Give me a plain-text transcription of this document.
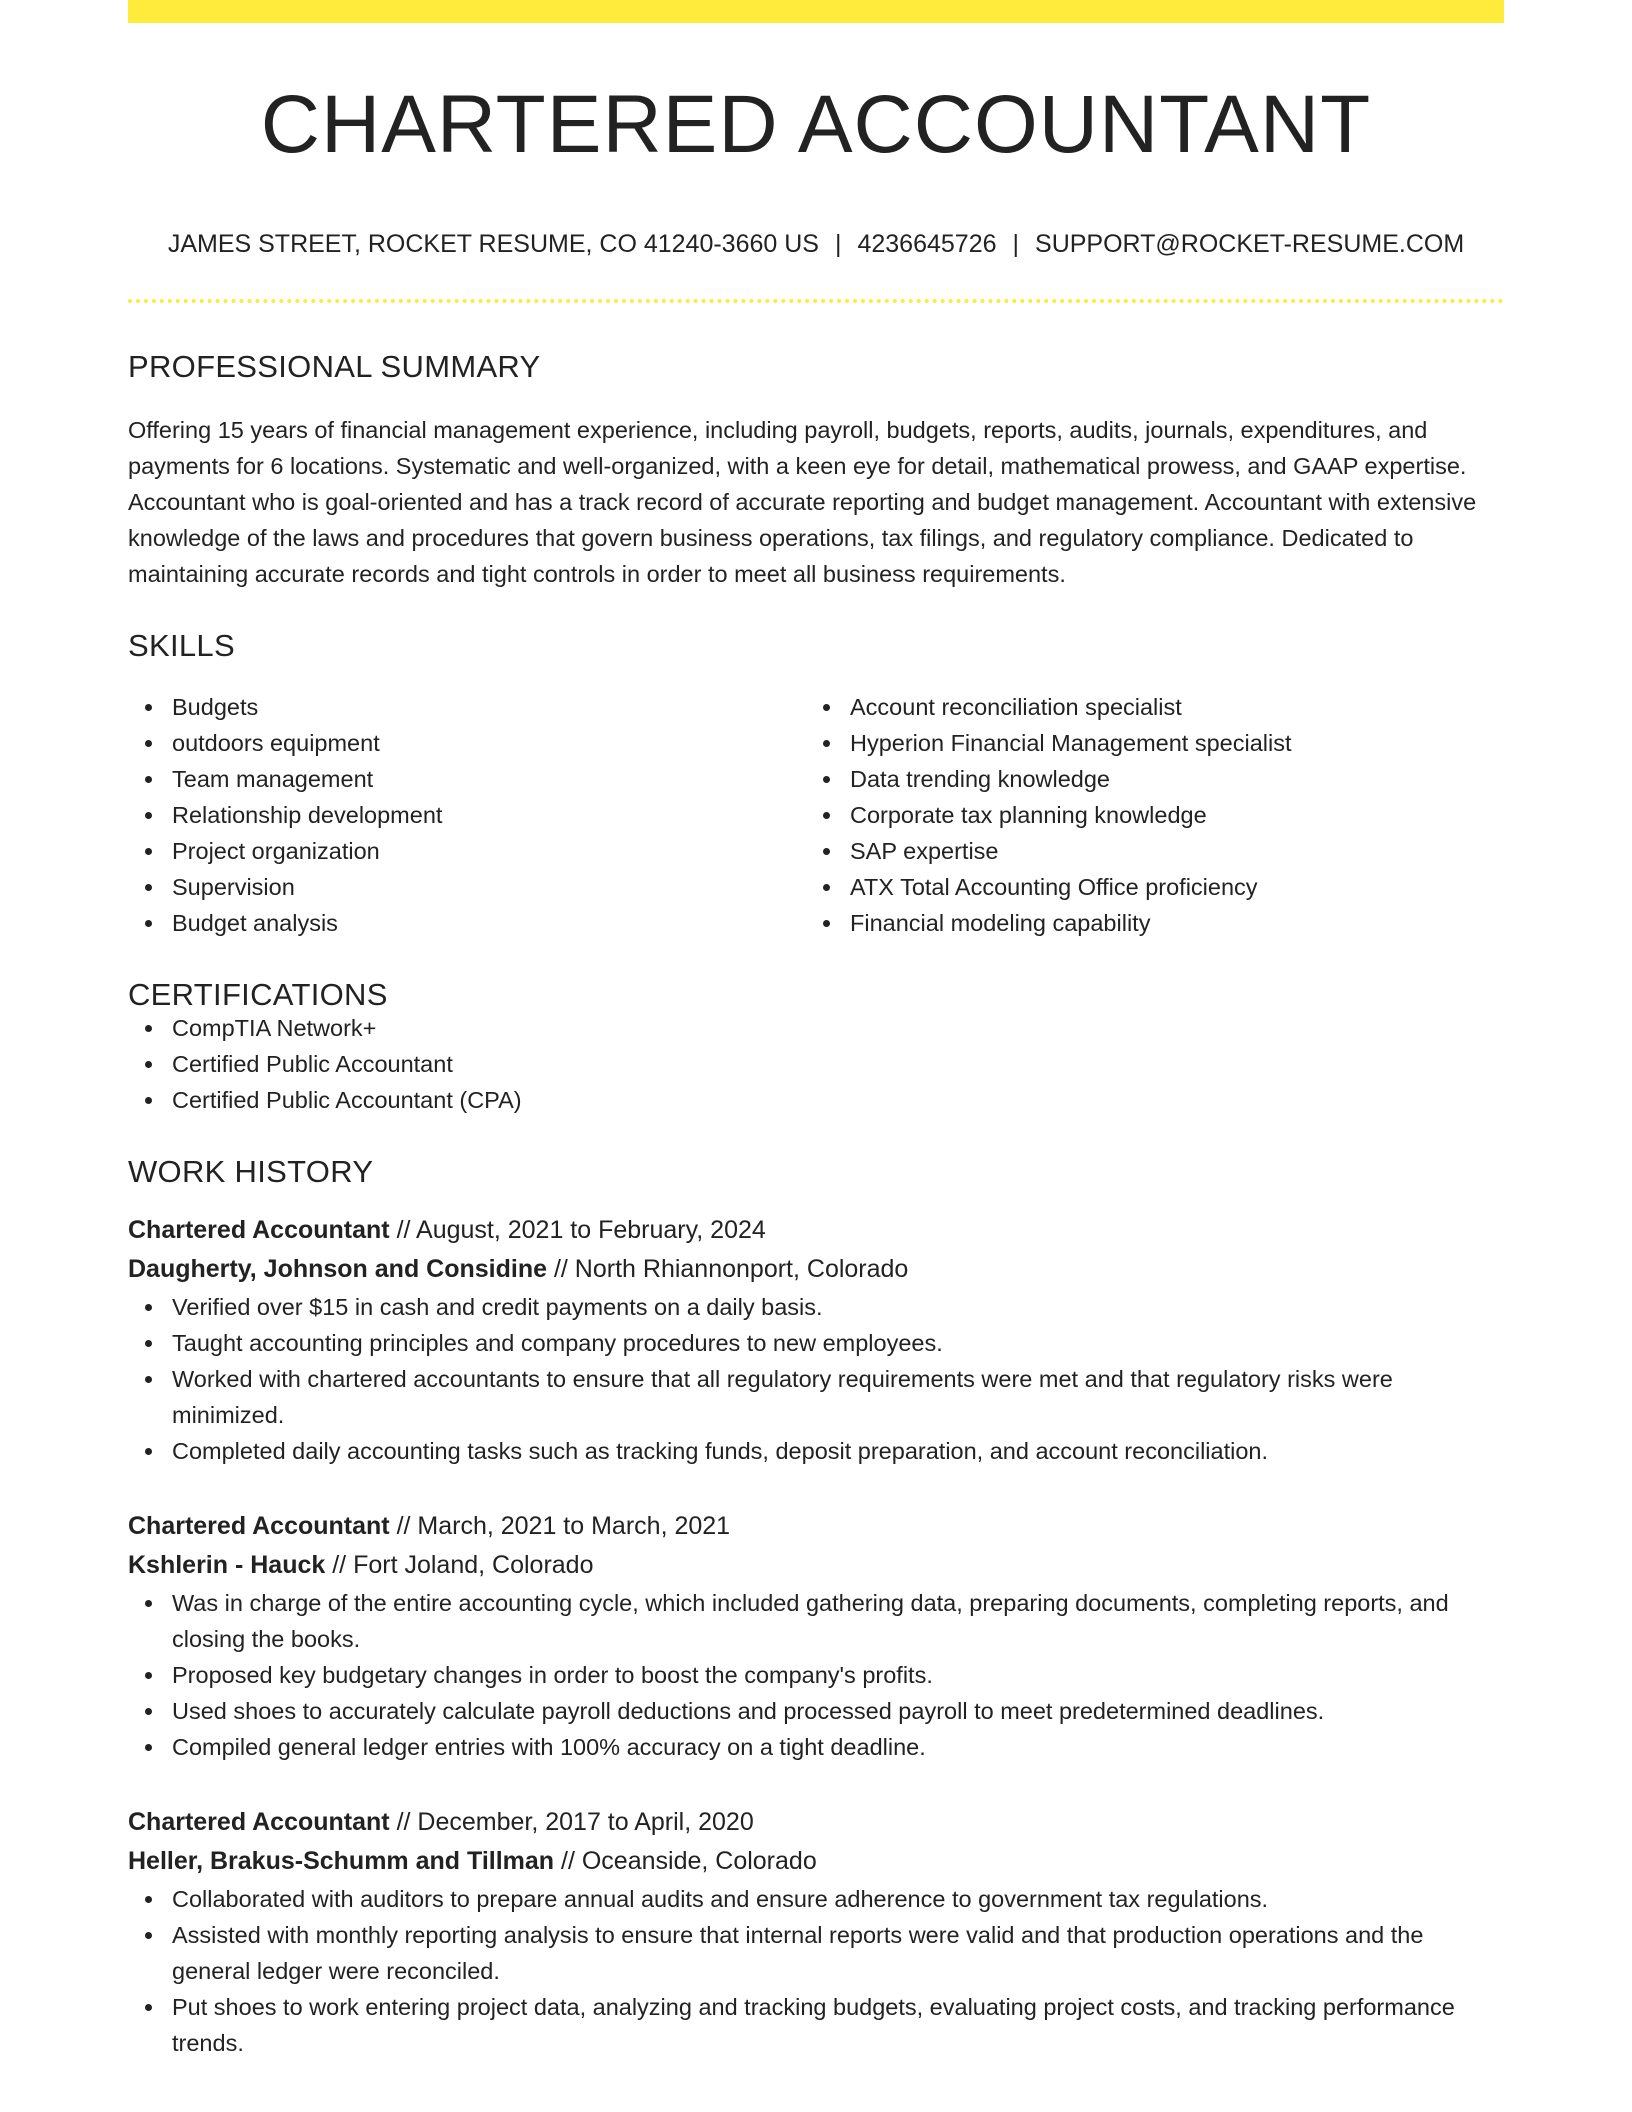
CHARTERED ACCOUNTANT
JAMES STREET, ROCKET RESUME, CO 41240-3660 US | 4236645726 | SUPPORT@ROCKET-RESUME.COM
PROFESSIONAL SUMMARY

Offering 15 years of financial management experience, including payroll, budgets, reports, audits, journals, expenditures, and payments for 6 locations. Systematic and well-organized, with a keen eye for detail, mathematical prowess, and GAAP expertise. Accountant who is goal-oriented and has a track record of accurate reporting and budget management. Accountant with extensive knowledge of the laws and procedures that govern business operations, tax filings, and regulatory compliance. Dedicated to maintaining accurate records and tight controls in order to meet all business requirements.

SKILLS
Budgets
outdoors equipment
Team management
Relationship development
Project organization
Supervision
Budget analysis
Account reconciliation specialist
Hyperion Financial Management specialist
Data trending knowledge
Corporate tax planning knowledge
SAP expertise
ATX Total Accounting Office proficiency
Financial modeling capability
CERTIFICATIONS
CompTIA Network+
Certified Public Accountant
Certified Public Accountant (CPA)
WORK HISTORY
Chartered Accountant // August, 2021 to February, 2024
Daugherty, Johnson and Considine // North Rhiannonport, Colorado
Verified over $15 in cash and credit payments on a daily basis.
Taught accounting principles and company procedures to new employees.
Worked with chartered accountants to ensure that all regulatory requirements were met and that regulatory risks were minimized.
Completed daily accounting tasks such as tracking funds, deposit preparation, and account reconciliation.
Chartered Accountant // March, 2021 to March, 2021
Kshlerin - Hauck // Fort Joland, Colorado
Was in charge of the entire accounting cycle, which included gathering data, preparing documents, completing reports, and closing the books.
Proposed key budgetary changes in order to boost the company's profits.
Used shoes to accurately calculate payroll deductions and processed payroll to meet predetermined deadlines.
Compiled general ledger entries with 100% accuracy on a tight deadline.
Chartered Accountant // December, 2017 to April, 2020
Heller, Brakus-Schumm and Tillman // Oceanside, Colorado
Collaborated with auditors to prepare annual audits and ensure adherence to government tax regulations.
Assisted with monthly reporting analysis to ensure that internal reports were valid and that production operations and the general ledger were reconciled.
Put shoes to work entering project data, analyzing and tracking budgets, evaluating project costs, and tracking performance trends.
